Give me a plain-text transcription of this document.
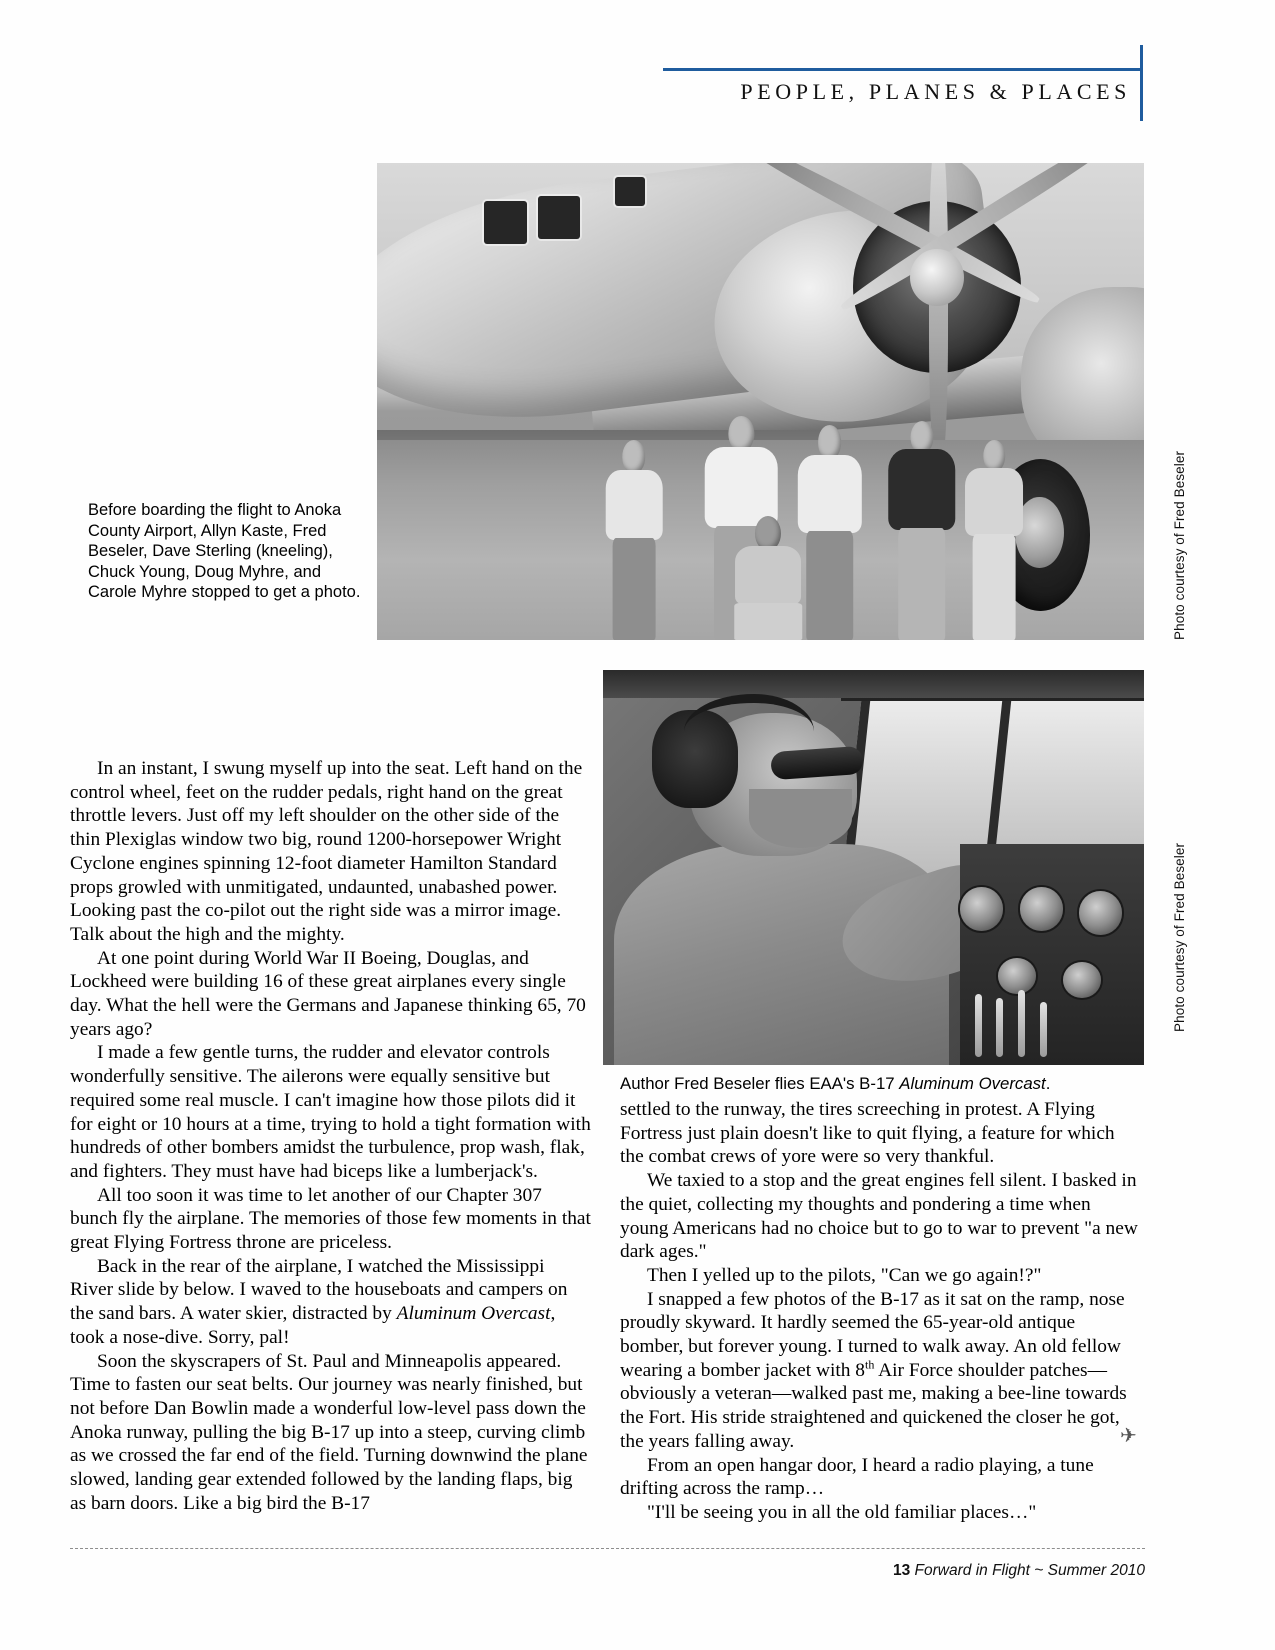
PEOPLE, PLANES & PLACES
Photo courtesy of Fred Beseler
Before boarding the flight to Anoka County Airport, Allyn Kaste, Fred Beseler, Dave Sterling (kneeling), Chuck Young, Doug Myhre, and Carole Myhre stopped to get a photo.
Photo courtesy of Fred Beseler
Author Fred Beseler flies EAA's B-17 Aluminum Overcast.

In an instant, I swung myself up into the seat. Left hand on the control wheel, feet on the rudder pedals, right hand on the great throttle levers. Just off my left shoulder on the other side of the thin Plexiglas window two big, round 1200-horsepower Wright Cyclone engines spinning 12-foot diameter Hamilton Standard props growled with unmitigated, undaunted, unabashed power. Looking past the co-pilot out the right side was a mirror image. Talk about the high and the mighty.

At one point during World War II Boeing, Douglas, and Lockheed were building 16 of these great airplanes every single day. What the hell were the Germans and Japanese thinking 65, 70 years ago?

I made a few gentle turns, the rudder and elevator controls wonderfully sensitive. The ailerons were equally sensitive but required some real muscle. I can't imagine how those pilots did it for eight or 10 hours at a time, trying to hold a tight formation with hundreds of other bombers amidst the turbulence, prop wash, flak, and fighters. They must have had biceps like a lumberjack's.

All too soon it was time to let another of our Chapter 307 bunch fly the airplane. The memories of those few moments in that great Flying Fortress throne are priceless.

Back in the rear of the airplane, I watched the Mississippi River slide by below. I waved to the houseboats and campers on the sand bars. A water skier, distracted by Aluminum Overcast, took a nose-dive. Sorry, pal!

Soon the skyscrapers of St. Paul and Minneapolis appeared. Time to fasten our seat belts. Our journey was nearly finished, but not before Dan Bowlin made a wonderful low-level pass down the Anoka runway, pulling the big B-17 up into a steep, curving climb as we crossed the far end of the field. Turning downwind the plane slowed, landing gear extended followed by the landing flaps, big as barn doors. Like a big bird the B-17

settled to the runway, the tires screeching in protest. A Flying Fortress just plain doesn't like to quit flying, a feature for which the combat crews of yore were so very thankful.

We taxied to a stop and the great engines fell silent. I basked in the quiet, collecting my thoughts and pondering a time when young Americans had no choice but to go to war to prevent "a new dark ages."

Then I yelled up to the pilots, "Can we go again!?"

I snapped a few photos of the B-17 as it sat on the ramp, nose proudly skyward. It hardly seemed the 65-year-old antique bomber, but forever young. I turned to walk away. An old fellow wearing a bomber jacket with 8th Air Force shoulder patches—obviously a veteran—walked past me, making a bee-line towards the Fort. His stride straightened and quickened the closer he got, the years falling away.

From an open hangar door, I heard a radio playing, a tune drifting across the ramp…

"I'll be seeing you in all the old familiar places…"

✈
13 Forward in Flight ~ Summer 2010
